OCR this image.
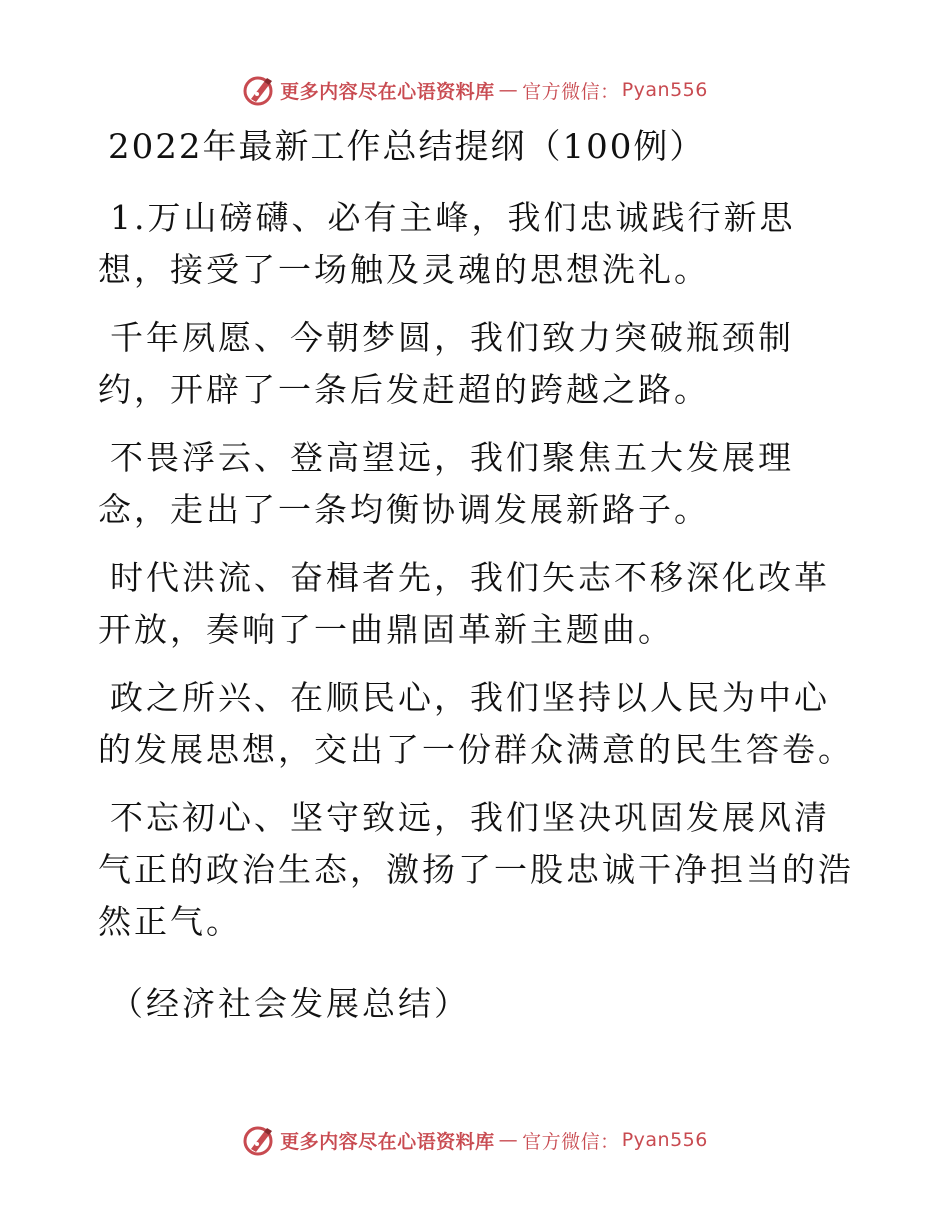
更多内容尽在心语资料库 — 官方微信： Pyan556
2022年最新工作总结提纲（100例）

1.万山磅礴、必有主峰，我们忠诚践行新思想，接受了一场触及灵魂的思想洗礼。

千年夙愿、今朝梦圆，我们致力突破瓶颈制约，开辟了一条后发赶超的跨越之路。

不畏浮云、登高望远，我们聚焦五大发展理念，走出了一条均衡协调发展新路子。

时代洪流、奋楫者先，我们矢志不移深化改革开放，奏响了一曲鼎固革新主题曲。

政之所兴、在顺民心，我们坚持以人民为中心的发展思想，交出了一份群众满意的民生答卷。

不忘初心、坚守致远，我们坚决巩固发展风清气正的政治生态，激扬了一股忠诚干净担当的浩然正气。

（经济社会发展总结）

更多内容尽在心语资料库 — 官方微信： Pyan556
